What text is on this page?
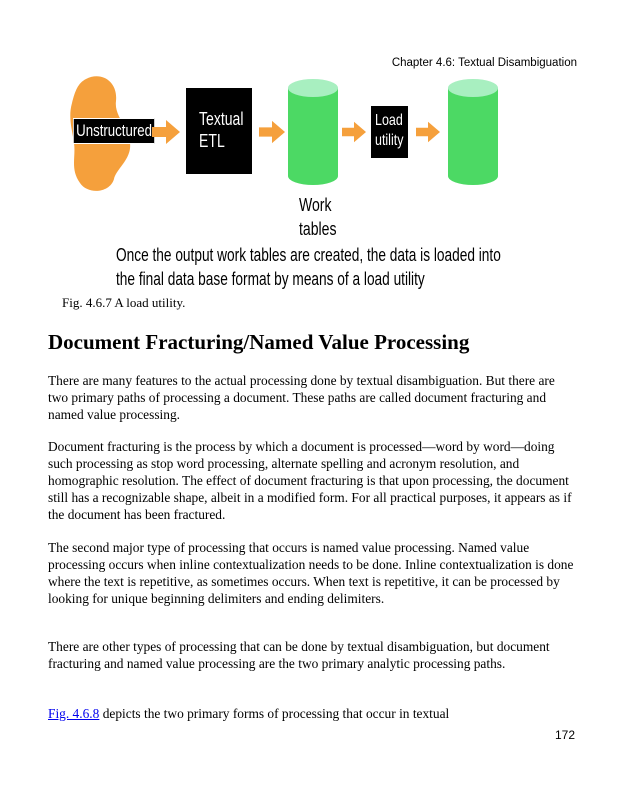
Chapter 4.6: Textual Disambiguation
Unstructured
Textual
ETL
Load
utility
Work
tables
Once the output work tables are created, the data is loaded into
the final data base format by means of a load utility
Fig. 4.6.7 A load utility.
Document Fracturing/Named Value Processing

There are many features to the actual processing done by textual disambiguation. But there are two primary paths of processing a document. These paths are called document fracturing and named value processing.

Document fracturing is the process by which a document is processed—word by word—doing such processing as stop word processing, alternate spelling and acronym resolution, and homographic resolution. The effect of document fracturing is that upon processing, the document still has a recognizable shape, albeit in a modified form. For all practical purposes, it appears as if the document has been fractured.

The second major type of processing that occurs is named value processing. Named value processing occurs when inline contextualization needs to be done. Inline contextualization is done where the text is repetitive, as sometimes occurs. When text is repetitive, it can be processed by looking for unique beginning delimiters and ending delimiters.

There are other types of processing that can be done by textual disambiguation, but document fracturing and named value processing are the two primary analytic processing paths.

Fig. 4.6.8 depicts the two primary forms of processing that occur in textual

172
